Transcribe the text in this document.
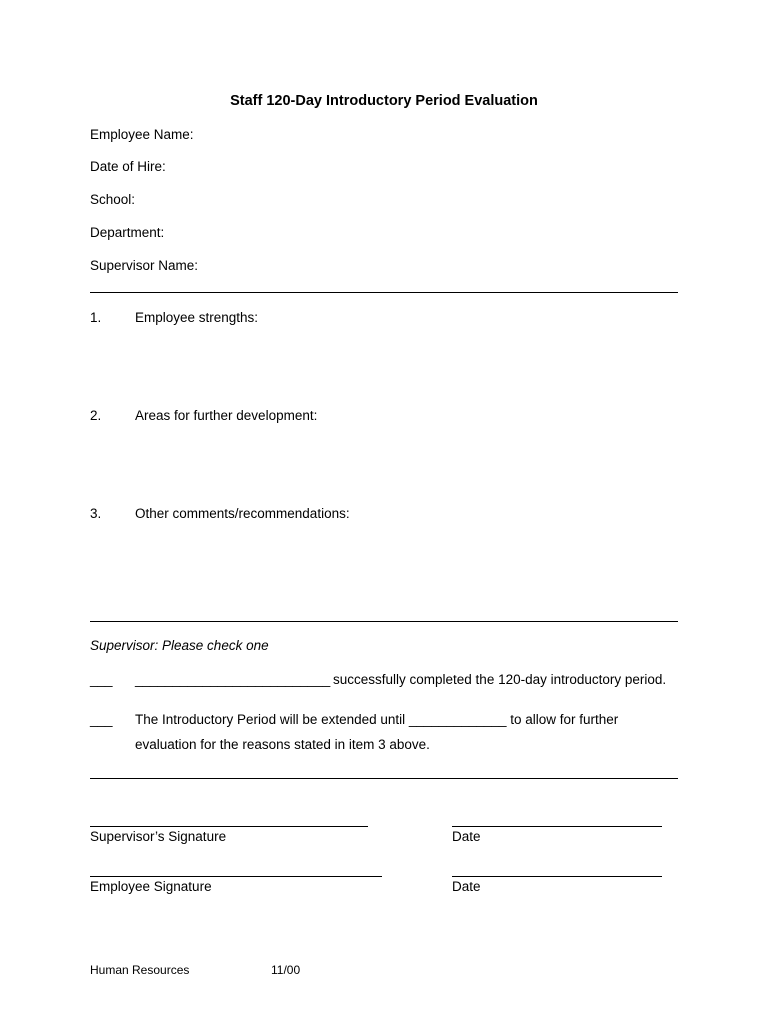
Staff 120-Day Introductory Period Evaluation
Employee Name:
Date of Hire:
School:
Department:
Supervisor Name:
1. Employee strengths:
2. Areas for further development:
3. Other comments/recommendations:
Supervisor: Please check one
___ __________________________ successfully completed the 120-day introductory period.
___ The Introductory Period will be extended until _____________ to allow for further
evaluation for the reasons stated in item 3 above.
Supervisor’s Signature	Date
Employee Signature	Date
Human Resources	11/00
